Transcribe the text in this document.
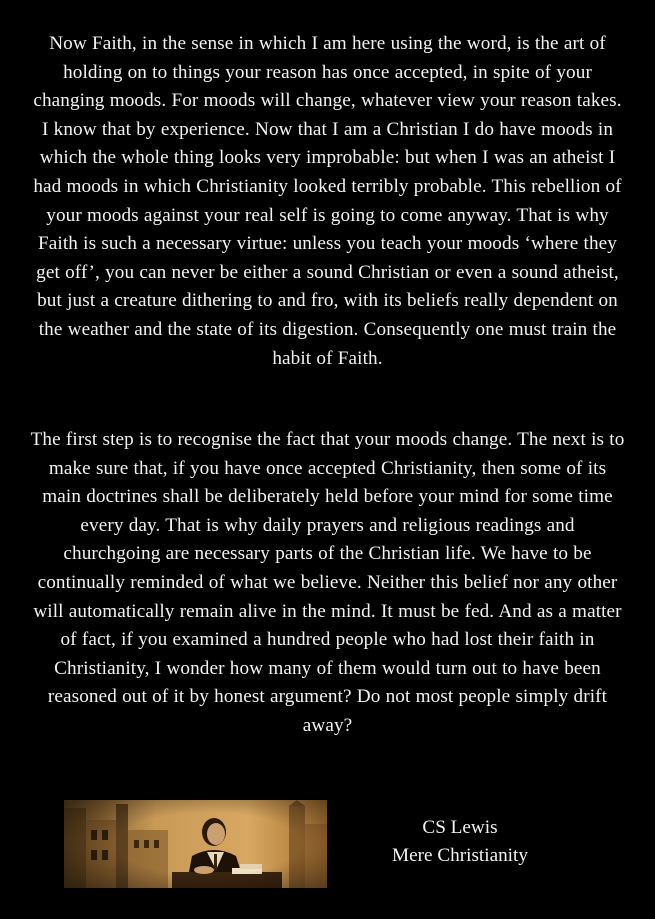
Now Faith, in the sense in which I am here using the word, is the art of holding on to things your reason has once accepted, in spite of your changing moods. For moods will change, whatever view your reason takes. I know that by experience. Now that I am a Christian I do have moods in which the whole thing looks very improbable: but when I was an atheist I had moods in which Christianity looked terribly probable. This rebellion of your moods against your real self is going to come anyway. That is why Faith is such a necessary virtue: unless you teach your moods ‘where they get off’, you can never be either a sound Christian or even a sound atheist, but just a creature dithering to and fro, with its beliefs really dependent on the weather and the state of its digestion. Consequently one must train the habit of Faith.

The first step is to recognise the fact that your moods change. The next is to make sure that, if you have once accepted Christianity, then some of its main doctrines shall be deliberately held before your mind for some time every day. That is why daily prayers and religious readings and churchgoing are necessary parts of the Christian life. We have to be continually reminded of what we believe. Neither this belief nor any other will automatically remain alive in the mind. It must be fed. And as a matter of fact, if you examined a hundred people who had lost their faith in Christianity, I wonder how many of them would turn out to have been reasoned out of it by honest argument? Do not most people simply drift away?

CS Lewis
Mere Christianity
